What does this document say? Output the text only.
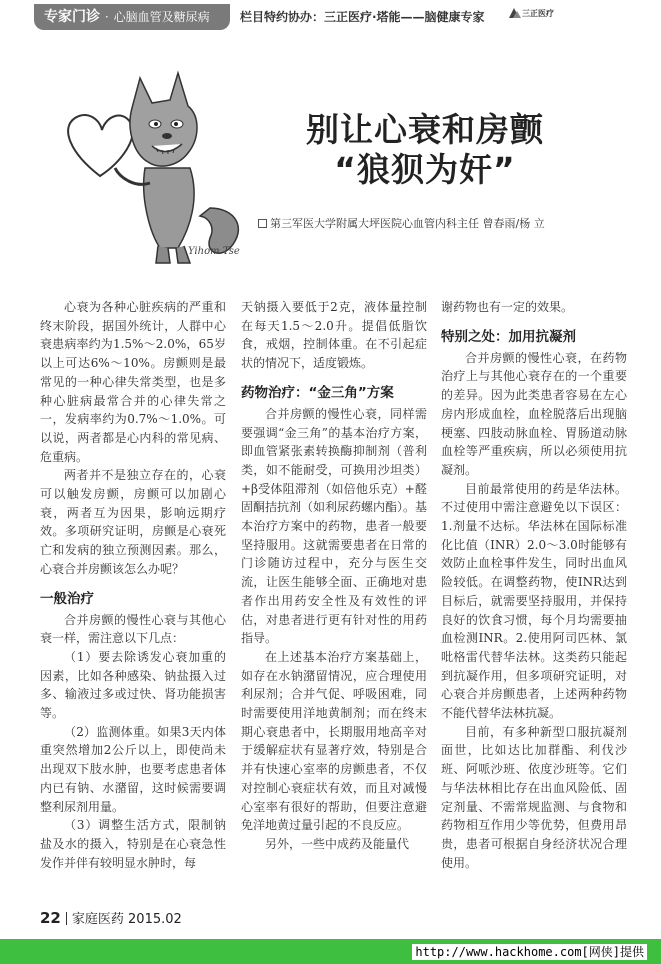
专家门诊 · 心脑血管及糖尿病	栏目特约协办：三正医疗·塔能——脑健康专家	三正医疗
Yihom Tse
别让心衰和房颤
“狼狈为奸”
第三军医大学附属大坪医院心血管内科主任 曾春雨/杨 立

心衰为各种心脏疾病的严重和终末阶段，据国外统计，人群中心衰患病率约为1.5%～2.0%，65岁以上可达6%～10%。房颤则是最常见的一种心律失常类型，也是多种心脏病最常合并的心律失常之一，发病率约为0.7%～1.0%。可以说，两者都是心内科的常见病、危重病。

两者并不是独立存在的，心衰可以触发房颤，房颤可以加剧心衰，两者互为因果，影响远期疗效。多项研究证明，房颤是心衰死亡和发病的独立预测因素。那么，心衰合并房颤该怎么办呢？

一般治疗

合并房颤的慢性心衰与其他心衰一样，需注意以下几点：

（1）要去除诱发心衰加重的因素，比如各种感染、钠盐摄入过多、输液过多或过快、肾功能损害等。

（2）监测体重。如果3天内体重突然增加2公斤以上，即使尚未出现双下肢水肿，也要考虑患者体内已有钠、水潴留，这时候需要调整利尿剂用量。

（3）调整生活方式，限制钠盐及水的摄入，特别是在心衰急性发作并伴有较明显水肿时，每

天钠摄入要低于2克，液体量控制在每天1.5～2.0升。提倡低脂饮食，戒烟，控制体重。在不引起症状的情况下，适度锻炼。

药物治疗：“金三角”方案

合并房颤的慢性心衰，同样需要强调“金三角”的基本治疗方案，即血管紧张素转换酶抑制剂（普利类，如不能耐受，可换用沙坦类）+β受体阻滞剂（如倍他乐克）+醛固酮拮抗剂（如利尿药螺内酯）。基本治疗方案中的药物，患者一般要坚持服用。这就需要患者在日常的门诊随访过程中，充分与医生交流，让医生能够全面、正确地对患者作出用药安全性及有效性的评估，对患者进行更有针对性的用药指导。

在上述基本治疗方案基础上，如存在水钠潴留情况，应合理使用利尿剂；合并气促、呼吸困难，同时需要使用洋地黄制剂；而在终末期心衰患者中，长期服用地高辛对于缓解症状有显著疗效，特别是合并有快速心室率的房颤患者，不仅对控制心衰症状有效，而且对减慢心室率有很好的帮助，但要注意避免洋地黄过量引起的不良反应。

另外，一些中成药及能量代

谢药物也有一定的效果。

特别之处：加用抗凝剂

合并房颤的慢性心衰，在药物治疗上与其他心衰存在的一个重要的差异。因为此类患者容易在左心房内形成血栓，血栓脱落后出现脑梗塞、四肢动脉血栓、胃肠道动脉血栓等严重疾病，所以必须使用抗凝剂。

目前最常使用的药是华法林。不过使用中需注意避免以下误区：1.剂量不达标。华法林在国际标准化比值（INR）2.0～3.0时能够有效防止血栓事件发生，同时出血风险较低。在调整药物，使INR达到目标后，就需要坚持服用，并保持良好的饮食习惯，每个月均需要抽血检测INR。2.使用阿司匹林、氯吡格雷代替华法林。这类药只能起到抗凝作用，但多项研究证明，对心衰合并房颤患者，上述两种药物不能代替华法林抗凝。

目前，有多种新型口服抗凝剂面世，比如达比加群酯、利伐沙班、阿哌沙班、依度沙班等。它们与华法林相比存在出血风险低、固定剂量、不需常规监测、与食物和药物相互作用少等优势，但费用昂贵，患者可根据自身经济状况合理使用。

22 家庭医药 2015.02
http://www.hackhome.com[网侠]提供
